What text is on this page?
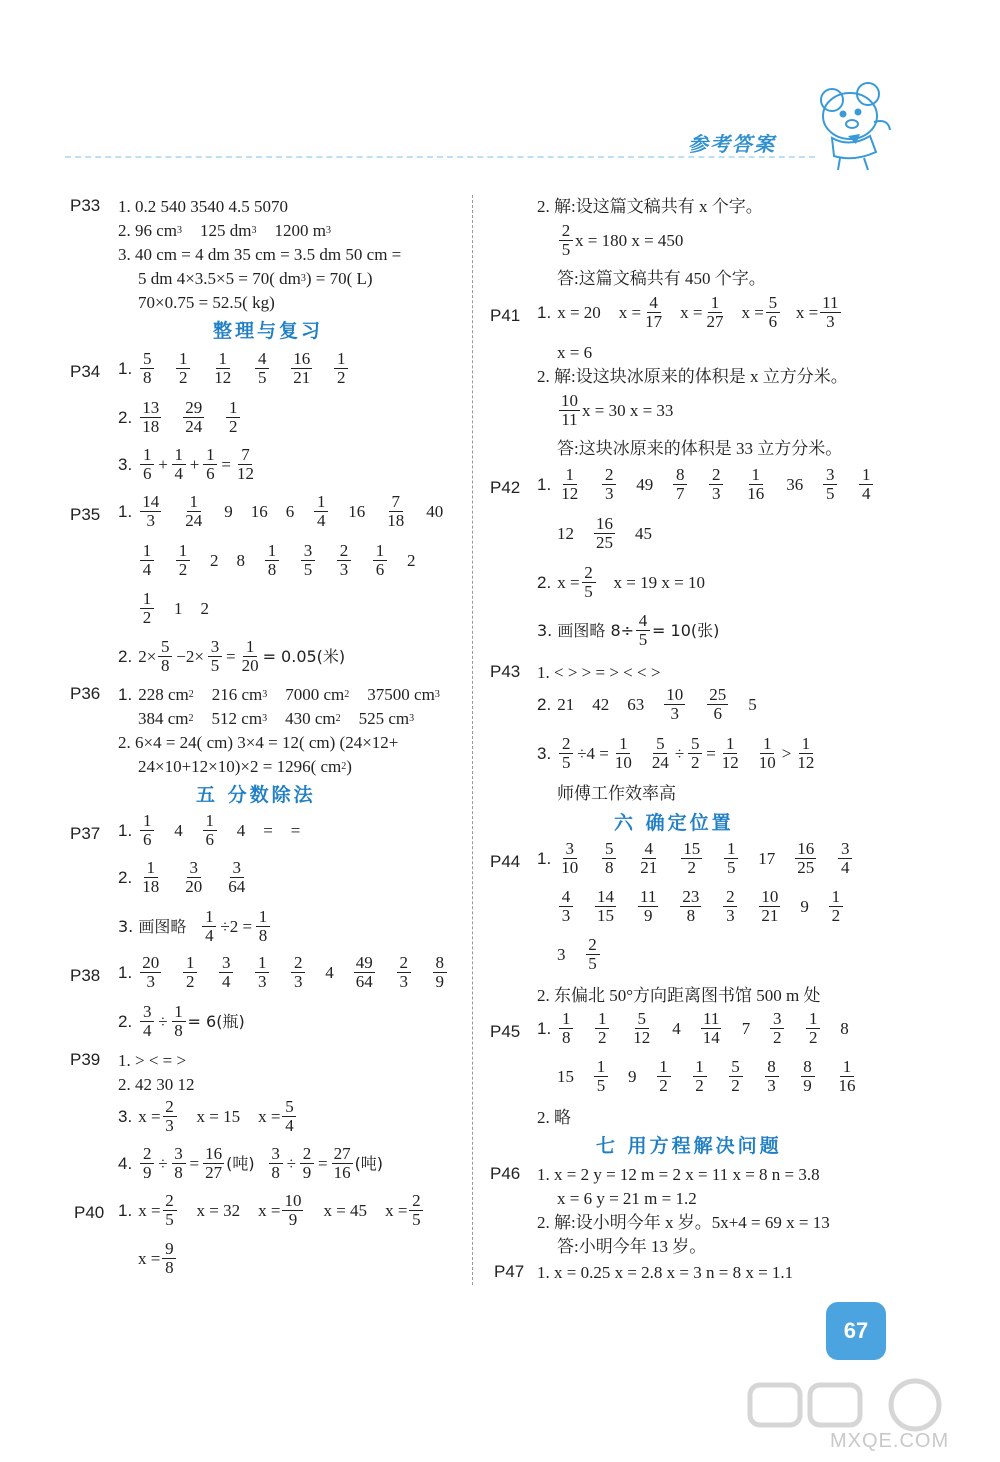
参考答案
P33 1. 0.2 540 3540 4.5 5070
2. 96 cm 3 125 dm 3 1200 m 3
3. 40 cm = 4 dm 35 cm = 3.5 dm 50 cm =
5 dm 4×3.5×5 = 70( dm 3 ) = 70( L)
70×0.75 = 52.5( kg)
整理与复习
P34 1. $\frac{5}{8} \frac{1}{2} \frac{1}{12} \frac{4}{5} \frac{16}{21} \frac{1}{2}$
2. $\frac{13}{18} \frac{29}{24} \frac{1}{2}$
3. $\frac{1}{6} + \frac{1}{4} + \frac{1}{6} = \frac{7}{12}$
P35 1. $\frac{14}{3} \frac{1}{24} 9$ 16 $6 \frac{1}{4} 16 \frac{7}{18} 40$
$\frac{1}{4} \frac{1}{2} 2$ $8 \frac{1}{8} \frac{3}{5} \frac{2}{3} \frac{1}{6} 2$
$\frac{1}{2} 1$ 2
2. $2\times \frac{5}{8} -2\times \frac{3}{5} = \frac{1}{20} = 0.05$(米)
P36 1. 228 cm 2 216 cm 3 7000 cm 2 37500 cm 3
384 cm 2 512 cm 3 430 cm 2 525 cm 3
2. 6×4 = 24( cm) 3×4 = 12( cm) (24×12+
24×10+12×10)×2 = 1296( cm 2 )
五 分数除法
P37 1. $\frac{1}{6} 4 \frac{1}{6} 4$ = =
2. $\frac{1}{18} \frac{3}{20} \frac{3}{64}$
3. 画图略 $\frac{1}{4} \div 2 = \frac{1}{8}$
P38 1. $\frac{20}{3} \frac{1}{2} \frac{3}{4} \frac{1}{3} \frac{2}{3} 4 \frac{49}{64} \frac{2}{3} \frac{8}{9}$
2. $\frac{3}{4} \div \frac{1}{8} = 6$(瓶)
P39 1. > < = >
2. 42 30 12
3. $x = \frac{2}{3}$ x = 15 $x = \frac{5}{4}$
4. $\frac{2}{9} \div \frac{3}{8} = \frac{16}{27}$ (吨) $\frac{3}{8} \div \frac{2}{9} = \frac{27}{16}$ (吨)
P40 1. $x = \frac{2}{5}$ x = 32 $x = \frac{10}{9}$ x = 45 $x = \frac{2}{5}$
$x = \frac{9}{8}$
2. 解:设这篇文稿共有 x 个字。
$\frac{2}{5}$ x = 180 x = 450
答:这篇文稿共有 450 个字。
P41 1. x = 20 $x = \frac{4}{17}$ $x = \frac{1}{27}$ $x = \frac{5}{6}$ $x = \frac{11}{3}$
x = 6
2. 解:设这块冰原来的体积是 x 立方分米。
$\frac{10}{11}$ x = 30 x = 33
答:这块冰原来的体积是 33 立方分米。
P42 1. $\frac{1}{12} \frac{2}{3} 49 \frac{8}{7} \frac{2}{3} \frac{1}{16} 36 \frac{3}{5} \frac{1}{4}$
$12 \frac{16}{25} 45$
2. $x = \frac{2}{5}$ x = 19 x = 10
3. 画图略 $8\div \frac{4}{5} = 10$(张)
P43 1. < > > = > < < >
2. 21 42 $63 \frac{10}{3} \frac{25}{6} 5$
3. $\frac{2}{5} \div 4 = \frac{1}{10} \frac{5}{24} \div \frac{5}{2} = \frac{1}{12} \frac{1}{10} > \frac{1}{12}$
师傅工作效率高
六 确定位置
P44 1. $\frac{3}{10} \frac{5}{8} \frac{4}{21} \frac{15}{2} \frac{1}{5} 17 \frac{16}{25} \frac{3}{4}$
$\frac{4}{3} \frac{14}{15} \frac{11}{9} \frac{23}{8} \frac{2}{3} \frac{10}{21} 9 \frac{1}{2}$
$3 \frac{2}{5}$
2. 东偏北 50°方向距离图书馆 500 m 处
P45 1. $\frac{1}{8} \frac{1}{2} \frac{5}{12} 4 \frac{11}{14} 7 \frac{3}{2} \frac{1}{2} 8$
$15 \frac{1}{5} 9 \frac{1}{2} \frac{1}{2} \frac{5}{2} \frac{8}{3} \frac{8}{9} \frac{1}{16}$
2. 略
七 用方程解决问题
P46 1. x = 2 y = 12 m = 2 x = 11 x = 8 n = 3.8
x = 6 y = 21 m = 1.2
2. 解:设小明今年 x 岁。5x+4 = 69 x = 13
答:小明今年 13 岁。
P47 1. x = 0.25 x = 2.8 x = 3 n = 8 x = 1.1
67
MXQE.COM
